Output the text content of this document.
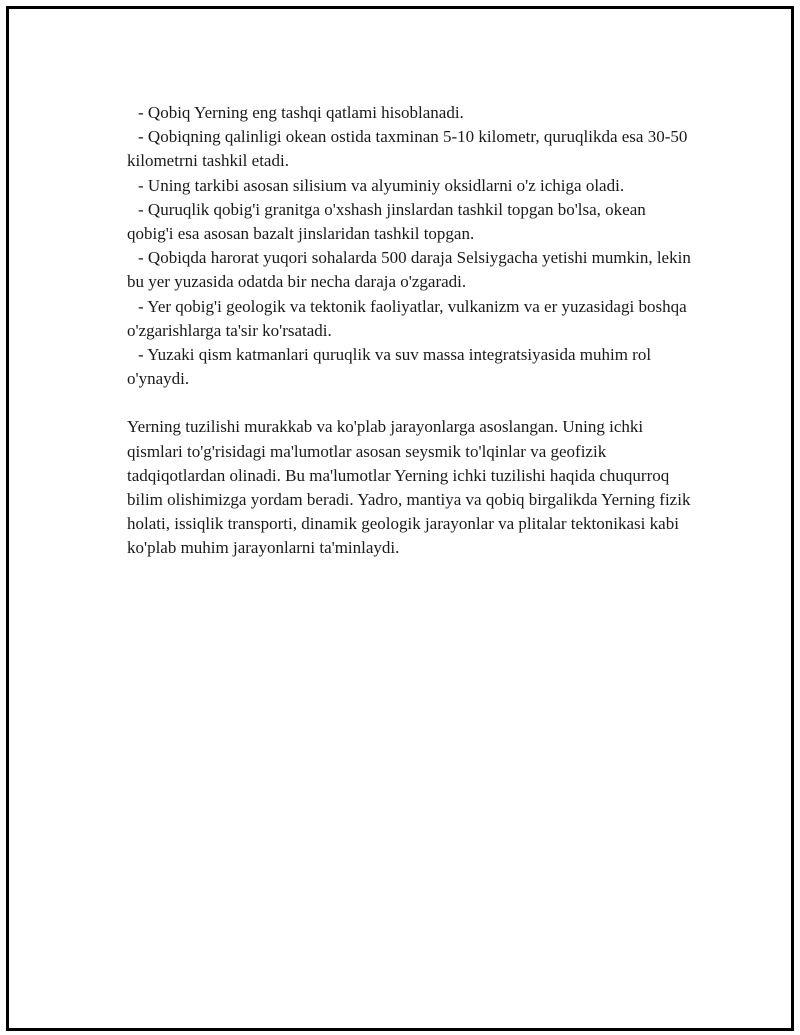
- Qobiq Yerning eng tashqi qatlami hisoblanadi.

- Qobiqning qalinligi okean ostida taxminan 5-10 kilometr, quruqlikda esa 30-50 kilometrni tashkil etadi.

- Uning tarkibi asosan silisium va alyuminiy oksidlarni o'z ichiga oladi.

- Quruqlik qobig'i granitga o'xshash jinslardan tashkil topgan bo'lsa, okean qobig'i esa asosan bazalt jinslaridan tashkil topgan.

- Qobiqda harorat yuqori sohalarda 500 daraja Selsiygacha yetishi mumkin, lekin bu yer yuzasida odatda bir necha daraja o'zgaradi.

- Yer qobig'i geologik va tektonik faoliyatlar, vulkanizm va er yuzasidagi boshqa o'zgarishlarga ta'sir ko'rsatadi.

- Yuzaki qism katmanlari quruqlik va suv massa integratsiyasida muhim rol o'ynaydi.

Yerning tuzilishi murakkab va ko'plab jarayonlarga asoslangan. Uning ichki qismlari to'g'risidagi ma'lumotlar asosan seysmik to'lqinlar va geofizik tadqiqotlardan olinadi. Bu ma'lumotlar Yerning ichki tuzilishi haqida chuqurroq bilim olishimizga yordam beradi. Yadro, mantiya va qobiq birgalikda Yerning fizik holati, issiqlik transporti, dinamik geologik jarayonlar va plitalar tektonikasi kabi ko'plab muhim jarayonlarni ta'minlaydi.
